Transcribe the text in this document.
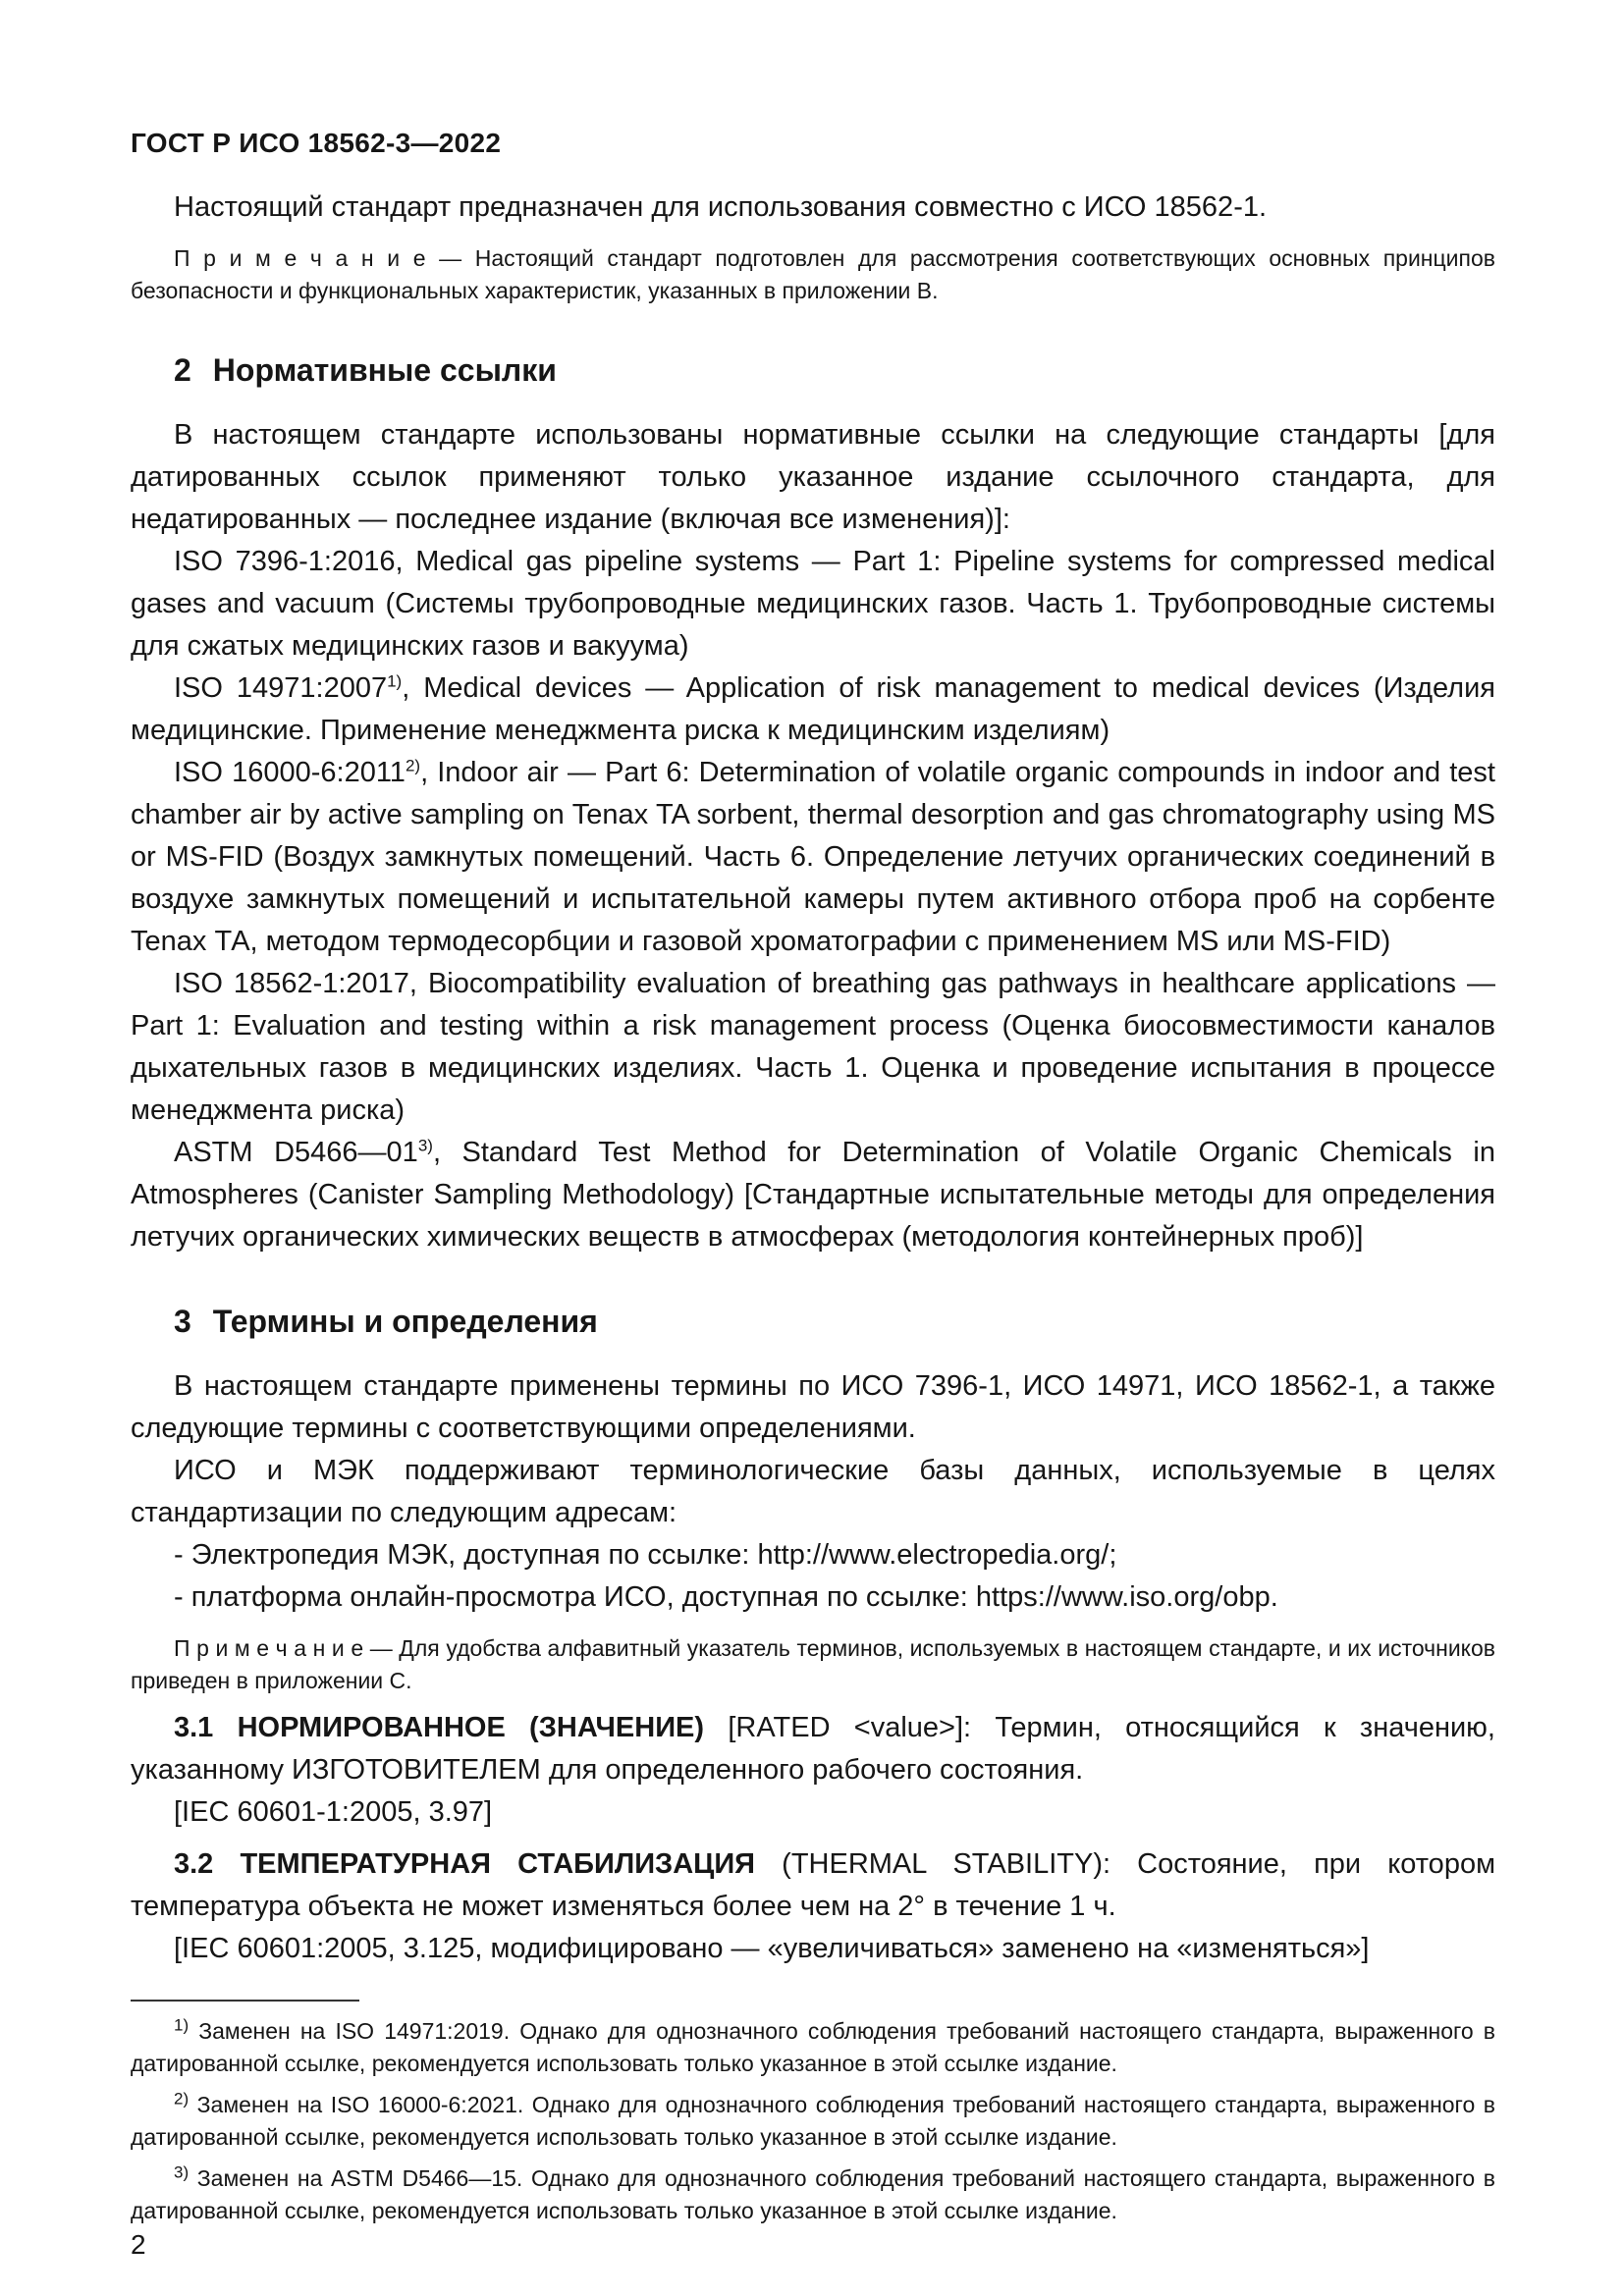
ГОСТ Р ИСО 18562-3—2022

Настоящий стандарт предназначен для использования совместно с ИСО 18562-1.

П р и м е ч а н и е — Настоящий стандарт подготовлен для рассмотрения соответствующих основных принципов безопасности и функциональных характеристик, указанных в приложении В.

2 Нормативные ссылки

В настоящем стандарте использованы нормативные ссылки на следующие стандарты [для датированных ссылок применяют только указанное издание ссылочного стандарта, для недатированных — последнее издание (включая все изменения)]:

ISO 7396-1:2016, Medical gas pipeline systems — Part 1: Pipeline systems for compressed medical gases and vacuum (Системы трубопроводные медицинских газов. Часть 1. Трубопроводные системы для сжатых медицинских газов и вакуума)

ISO 14971:2007$^{1)}$, Medical devices — Application of risk management to medical devices (Изделия медицинские. Применение менеджмента риска к медицинским изделиям)

ISO 16000-6:2011$^{2)}$, Indoor air — Part 6: Determination of volatile organic compounds in indoor and test chamber air by active sampling on Tenax TA sorbent, thermal desorption and gas chromatography using MS or MS-FID (Воздух замкнутых помещений. Часть 6. Определение летучих органических соединений в воздухе замкнутых помещений и испытательной камеры путем активного отбора проб на сорбенте Tenax ТА, методом термодесорбции и газовой хроматографии с применением MS или MS-FID)

ISO 18562-1:2017, Biocompatibility evaluation of breathing gas pathways in healthcare applications — Part 1: Evaluation and testing within a risk management process (Оценка биосовместимости каналов дыхательных газов в медицинских изделиях. Часть 1. Оценка и проведение испытания в процессе менеджмента риска)

ASTM D5466—01$^{3)}$, Standard Test Method for Determination of Volatile Organic Chemicals in Atmospheres (Canister Sampling Methodology) [Стандартные испытательные методы для определения летучих органических химических веществ в атмосферах (методология контейнерных проб)]

3 Термины и определения

В настоящем стандарте применены термины по ИСО 7396-1, ИСО 14971, ИСО 18562-1, а также следующие термины с соответствующими определениями.

ИСО и МЭК поддерживают терминологические базы данных, используемые в целях стандартизации по следующим адресам:

- Электропедия МЭК, доступная по ссылке: http://www.electropedia.org/;

- платформа онлайн-просмотра ИСО, доступная по ссылке: https://www.iso.org/obp.

П р и м е ч а н и е — Для удобства алфавитный указатель терминов, используемых в настоящем стандарте, и их источников приведен в приложении С.

3.1 НОРМИРОВАННОЕ (ЗНАЧЕНИЕ) [RATED <value>]: Термин, относящийся к значению, указанному ИЗГОТОВИТЕЛЕМ для определенного рабочего состояния.

[IEC 60601-1:2005, 3.97]

3.2 ТЕМПЕРАТУРНАЯ СТАБИЛИЗАЦИЯ (THERMAL STABILITY): Состояние, при котором температура объекта не может изменяться более чем на 2° в течение 1 ч.

[IEC 60601:2005, 3.125, модифицировано — «увеличиваться» заменено на «изменяться»]

$^{1)}$ Заменен на ISO 14971:2019. Однако для однозначного соблюдения требований настоящего стандарта, выраженного в датированной ссылке, рекомендуется использовать только указанное в этой ссылке издание.

$^{2)}$ Заменен на ISO 16000-6:2021. Однако для однозначного соблюдения требований настоящего стандарта, выраженного в датированной ссылке, рекомендуется использовать только указанное в этой ссылке издание.

$^{3)}$ Заменен на ASTM D5466—15. Однако для однозначного соблюдения требований настоящего стандарта, выраженного в датированной ссылке, рекомендуется использовать только указанное в этой ссылке издание.

2
